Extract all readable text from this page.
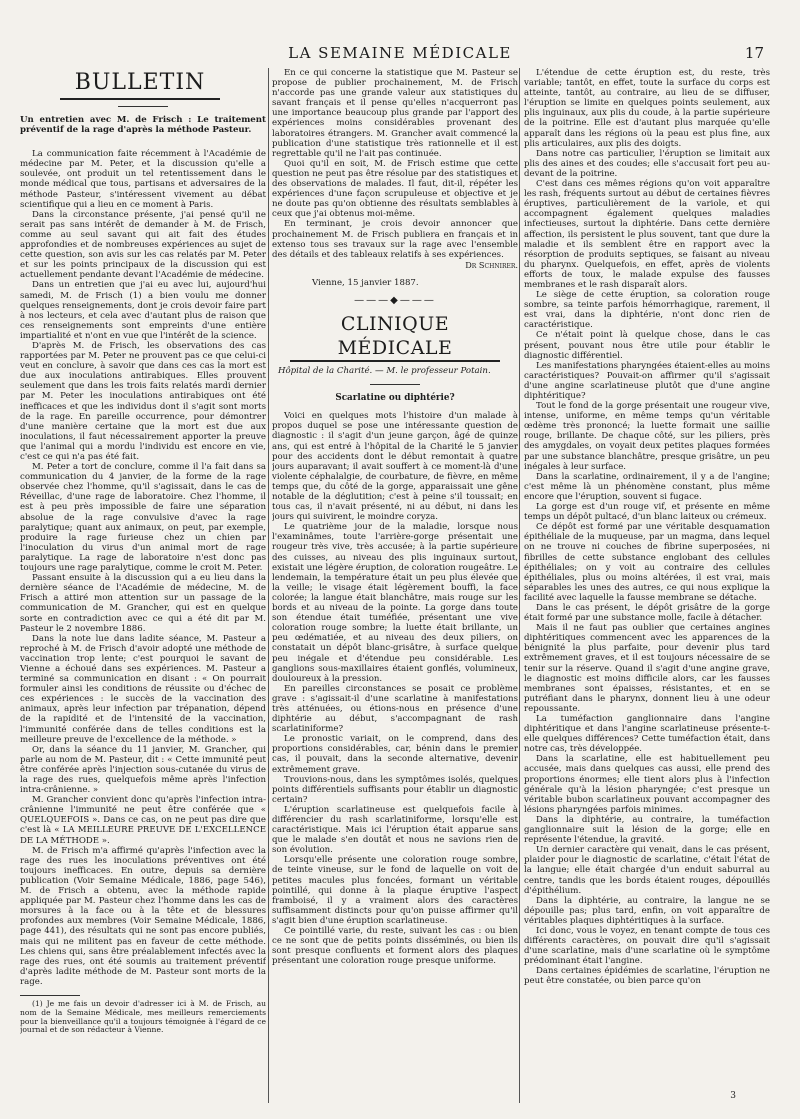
LA SEMAINE MÉDICALE	17
BULLETIN

Un entretien avec M. de Frisch : Le traitement préventif de la rage d'après la méthode Pasteur.

La communication faite récemment à l'Académie de médecine par M. Peter, et la discussion qu'elle a soulevée, ont produit un tel retentissement dans le monde médical que tous, partisans et adversaires de la méthode Pasteur, s'intéressent vivement au débat scientifique qui a lieu en ce moment à Paris.

Dans la circonstance présente, j'ai pensé qu'il ne serait pas sans intérêt de demander à M. de Frisch, comme au seul savant qui ait fait des études approfondies et de nombreuses expériences au sujet de cette question, son avis sur les cas relatés par M. Peter et sur les points principaux de la discussion qui est actuellement pendante devant l'Académie de médecine.

Dans un entretien que j'ai eu avec lui, aujourd'hui samedi, M. de Frisch (1) a bien voulu me donner quelques renseignements, dont je crois devoir faire part à nos lecteurs, et cela avec d'autant plus de raison que ces renseignements sont empreints d'une entière impartialité et n'ont en vue que l'intérêt de la science.

D'après M. de Frisch, les observations des cas rapportées par M. Peter ne prouvent pas ce que celui-ci veut en conclure, à savoir que dans ces cas la mort est due aux inoculations antirabiques. Elles prouvent seulement que dans les trois faits relatés mardi dernier par M. Peter les inoculations antirabiques ont été inefficaces et que les individus dont il s'agit sont morts de la rage. En pareille occurrence, pour démontrer d'une manière certaine que la mort est due aux inoculations, il faut nécessairement apporter la preuve que l'animal qui a mordu l'individu est encore en vie, c'est ce qui n'a pas été fait.

M. Peter a tort de conclure, comme il l'a fait dans sa communication du 4 janvier, de la forme de la rage observée chez l'homme, qu'il s'agissait, dans le cas de Réveillac, d'une rage de laboratoire. Chez l'homme, il est à peu près impossible de faire une séparation absolue de la rage convulsive d'avec la rage paralytique; quant aux animaux, on peut, par exemple, produire la rage furieuse chez un chien par l'inoculation du virus d'un animal mort de rage paralytique. La rage de laboratoire n'est donc pas toujours une rage paralytique, comme le croit M. Peter.

Passant ensuite à la discussion qui a eu lieu dans la dernière séance de l'Académie de médecine, M. de Frisch a attiré mon attention sur un passage de la communication de M. Grancher, qui est en quelque sorte en contradiction avec ce qui a été dit par M. Pasteur le 2 novembre 1886.

Dans la note lue dans ladite séance, M. Pasteur a reproché à M. de Frisch d'avoir adopté une méthode de vaccination trop lente; c'est pourquoi le savant de Vienne a échoué dans ses expériences. M. Pasteur a terminé sa communication en disant : « On pourrait formuler ainsi les conditions de réussite ou d'échec de ces expériences : le succès de la vaccination des animaux, après leur infection par trépanation, dépend de la rapidité et de l'intensité de la vaccination, l'immunité conférée dans de telles conditions est la meilleure preuve de l'excellence de la méthode. »

Or, dans la séance du 11 janvier, M. Grancher, qui parle au nom de M. Pasteur, dit : « Cette immunité peut être conférée après l'injection sous-cutanée du virus de la rage des rues, quelquefois même après l'infection intra-crânienne. »

M. Grancher convient donc qu'après l'infection intra-crânienne l'immunité ne peut être conférée que « QUELQUEFOIS ». Dans ce cas, on ne peut pas dire que c'est là « LA MEILLEURE PREUVE DE L'EXCELLENCE DE LA MÉTHODE ».

M. de Frisch m'a affirmé qu'après l'infection avec la rage des rues les inoculations préventives ont été toujours inefficaces. En outre, depuis sa dernière publication (Voir Semaine Médicale, 1886, page 546), M. de Frisch a obtenu, avec la méthode rapide appliquée par M. Pasteur chez l'homme dans les cas de morsures à la face ou à la tête et de blessures profondes aux membres (Voir Semaine Médicale, 1886, page 441), des résultats qui ne sont pas encore publiés, mais qui ne militent pas en faveur de cette méthode. Les chiens qui, sans être préalablement infectés avec la rage des rues, ont été soumis au traitement préventif d'après ladite méthode de M. Pasteur sont morts de la rage.

(1) Je me fais un devoir d'adresser ici à M. de Frisch, au nom de la Semaine Médicale, mes meilleurs remerciements pour la bienveillance qu'il a toujours témoignée à l'égard de ce journal et de son rédacteur à Vienne.

En ce qui concerne la statistique que M. Pasteur se propose de publier prochainement, M. de Frisch n'accorde pas une grande valeur aux statistiques du savant français et il pense qu'elles n'acquerront pas une importance beaucoup plus grande par l'apport des expériences moins considérables provenant des laboratoires étrangers. M. Grancher avait commencé la publication d'une statistique très rationnelle et il est regrettable qu'il ne l'ait pas continuée.

Quoi qu'il en soit, M. de Frisch estime que cette question ne peut pas être résolue par des statistiques et des observations de malades. Il faut, dit-il, répéter les expériences d'une façon scrupuleuse et objective et je ne doute pas qu'on obtienne des résultats semblables à ceux que j'ai obtenus moi-même.

En terminant, je crois devoir annoncer que prochainement M. de Frisch publiera en français et in extenso tous ses travaux sur la rage avec l'ensemble des détails et des tableaux relatifs à ses expériences.

Dr Schnirer.

Vienne, 15 janvier 1887.

———◆———
CLINIQUE MÉDICALE

Hôpital de la Charité. — M. le professeur Potain.

Scarlatine ou diphtérie?

Voici en quelques mots l'histoire d'un malade à propos duquel se pose une intéressante question de diagnostic : il s'agit d'un jeune garçon, âgé de quinze ans, qui est entré à l'hôpital de la Charité le 5 janvier pour des accidents dont le début remontait à quatre jours auparavant; il avait souffert à ce moment-là d'une violente céphalalgie, de courbature, de fièvre, en même temps que, du côté de la gorge, apparaissait une gêne notable de la déglutition; c'est à peine s'il toussait; en tous cas, il n'avait présenté, ni au début, ni dans les jours qui suivirent, le moindre coryza.

Le quatrième jour de la maladie, lorsque nous l'examinâmes, toute l'arrière-gorge présentait une rougeur très vive, très accusée; à la partie supérieure des cuisses, au niveau des plis inguinaux surtout, existait une légère éruption, de coloration rougeâtre. Le lendemain, la température était un peu plus élevée que la veille; le visage était légèrement bouffi, la face colorée; la langue était blanchâtre, mais rouge sur les bords et au niveau de la pointe. La gorge dans toute son étendue était tuméfiée, présentant une vive coloration rouge sombre; la luette était brillante, un peu œdématiée, et au niveau des deux piliers, on constatait un dépôt blanc-grisâtre, à surface quelque peu inégale et d'étendue peu considérable. Les ganglions sous-maxillaires étaient gonflés, volumineux, douloureux à la pression.

En pareilles circonstances se posait ce problème grave : s'agissait-il d'une scarlatine à manifestations très atténuées, ou étions-nous en présence d'une diphtérie au début, s'accompagnant de rash scarlatiniforme?

Le pronostic variait, on le comprend, dans des proportions considérables, car, bénin dans le premier cas, il pouvait, dans la seconde alternative, devenir extrêmement grave.

Trouvions-nous, dans les symptômes isolés, quelques points différentiels suffisants pour établir un diagnostic certain?

L'éruption scarlatineuse est quelquefois facile à différencier du rash scarlatiniforme, lorsqu'elle est caractéristique. Mais ici l'éruption était apparue sans que le malade s'en doutât et nous ne savions rien de son évolution.

Lorsqu'elle présente une coloration rouge sombre, de teinte vineuse, sur le fond de laquelle on voit de petites macules plus foncées, formant un véritable pointillé, qui donne à la plaque éruptive l'aspect framboisé, il y a vraiment alors des caractères suffisamment distincts pour qu'on puisse affirmer qu'il s'agit bien d'une éruption scarlatineuse.

Ce pointillé varie, du reste, suivant les cas : ou bien ce ne sont que de petits points disséminés, ou bien ils sont presque confluents et forment alors des plaques présentant une coloration rouge presque uniforme.

L'étendue de cette éruption est, du reste, très variable; tantôt, en effet, toute la surface du corps est atteinte, tantôt, au contraire, au lieu de se diffuser, l'éruption se limite en quelques points seulement, aux plis inguinaux, aux plis du coude, à la partie supérieure de la poitrine. Elle est d'autant plus marquée qu'elle apparaît dans les régions où la peau est plus fine, aux plis articulaires, aux plis des doigts.

Dans notre cas particulier, l'éruption se limitait aux plis des aines et des coudes; elle s'accusait fort peu au-devant de la poitrine.

C'est dans ces mêmes régions qu'on voit apparaître les rash, fréquents surtout au début de certaines fièvres éruptives, particulièrement de la variole, et qui accompagnent également quelques maladies infectieuses, surtout la diphtérie. Dans cette dernière affection, ils persistent le plus souvent, tant que dure la maladie et ils semblent être en rapport avec la résorption de produits septiques, se faisant au niveau du pharynx. Quelquefois, en effet, après de violents efforts de toux, le malade expulse des fausses membranes et le rash disparaît alors.

Le siège de cette éruption, sa coloration rouge sombre, sa teinte parfois hémorrhagique, rarement, il est vrai, dans la diphtérie, n'ont donc rien de caractéristique.

Ce n'était point là quelque chose, dans le cas présent, pouvant nous être utile pour établir le diagnostic différentiel.

Les manifestations pharyngées étaient-elles au moins caractéristiques? Pouvait-on affirmer qu'il s'agissait d'une angine scarlatineuse plutôt que d'une angine diphtéritique?

Tout le fond de la gorge présentait une rougeur vive, intense, uniforme, en même temps qu'un véritable œdème très prononcé; la luette formait une saillie rouge, brillante. De chaque côté, sur les piliers, près des amygdales, on voyait deux petites plaques formées par une substance blanchâtre, presque grisâtre, un peu inégales à leur surface.

Dans la scarlatine, ordinairement, il y a de l'angine; c'est même là un phénomène constant, plus même encore que l'éruption, souvent si fugace.

La gorge est d'un rouge vif, et présente en même temps un dépôt pultacé, d'un blanc laiteux ou crémeux.

Ce dépôt est formé par une véritable desquamation épithéliale de la muqueuse, par un magma, dans lequel on ne trouve ni couches de fibrine superposées, ni fibrilles de cette substance englobant des cellules épithéliales; on y voit au contraire des cellules épithéliales, plus ou moins altérées, il est vrai, mais séparables les unes des autres, ce qui nous explique la facilité avec laquelle la fausse membrane se détache.

Dans le cas présent, le dépôt grisâtre de la gorge était formé par une substance molle, facile à détacher.

Mais il ne faut pas oublier que certaines angines diphtéritiques commencent avec les apparences de la bénignité la plus parfaite, pour devenir plus tard extrêmement graves, et il est toujours nécessaire de se tenir sur la réserve. Quand il s'agit d'une angine grave, le diagnostic est moins difficile alors, car les fausses membranes sont épaisses, résistantes, et en se putréfiant dans le pharynx, donnent lieu à une odeur repoussante.

La tuméfaction ganglionnaire dans l'angine diphtéritique et dans l'angine scarlatineuse présente-t-elle quelques différences? Cette tuméfaction était, dans notre cas, très développée.

Dans la scarlatine, elle est habituellement peu accusée, mais dans quelques cas aussi, elle prend des proportions énormes; elle tient alors plus à l'infection générale qu'à la lésion pharyngée; c'est presque un véritable bubon scarlatineux pouvant accompagner des lésions pharyngées parfois minimes.

Dans la diphtérie, au contraire, la tuméfaction ganglionnaire suit la lésion de la gorge; elle en représente l'étendue, la gravité.

Un dernier caractère qui venait, dans le cas présent, plaider pour le diagnostic de scarlatine, c'était l'état de la langue; elle était chargée d'un enduit saburral au centre, tandis que les bords étaient rouges, dépouillés d'épithélium.

Dans la diphtérie, au contraire, la langue ne se dépouille pas; plus tard, enfin, on voit apparaître de véritables plaques diphtéritiques à la surface.

Ici donc, vous le voyez, en tenant compte de tous ces différents caractères, on pouvait dire qu'il s'agissait d'une scarlatine, mais d'une scarlatine où le symptôme prédominant était l'angine.

Dans certaines épidémies de scarlatine, l'éruption ne peut être constatée, ou bien parce qu'on

3
